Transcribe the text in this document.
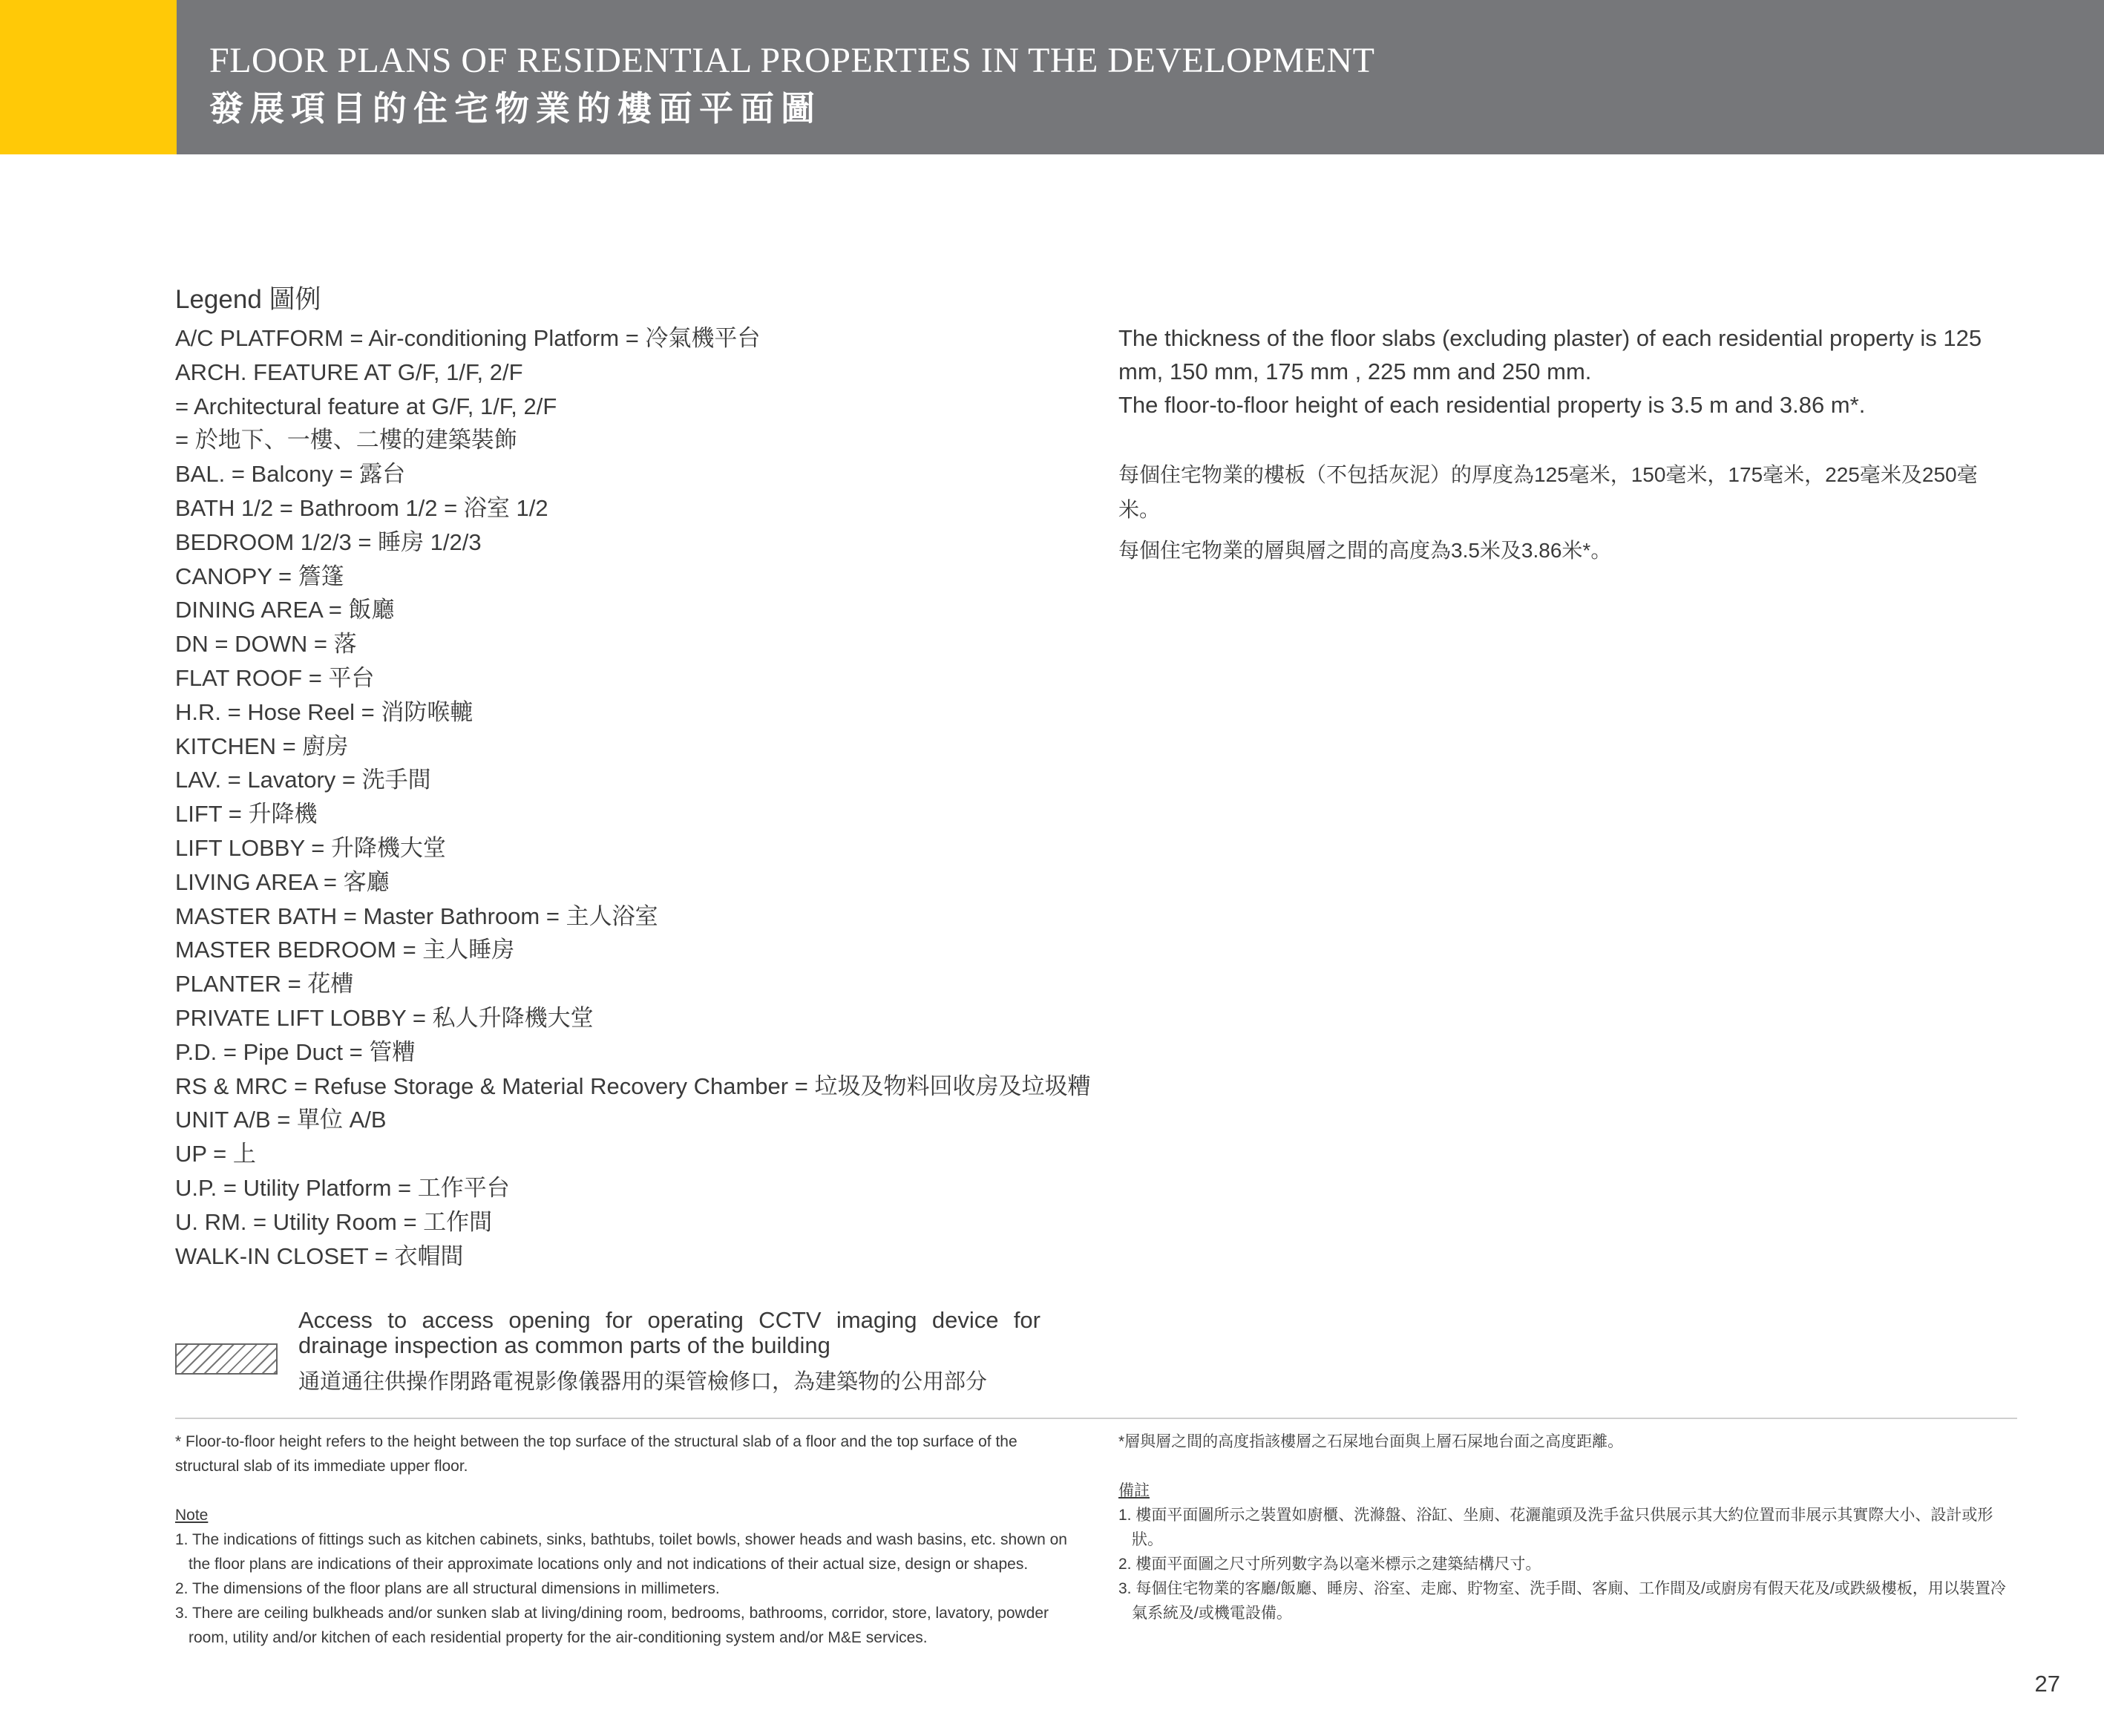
FLOOR PLANS OF RESIDENTIAL PROPERTIES IN THE DEVELOPMENT
發展項目的住宅物業的樓面平面圖
Legend 圖例
A/C PLATFORM = Air-conditioning Platform = 冷氣機平台
ARCH. FEATURE AT G/F, 1/F, 2/F
= Architectural feature at G/F, 1/F, 2/F
= 於地下、一樓、二樓的建築裝飾
BAL. = Balcony = 露台
BATH 1/2 = Bathroom 1/2 = 浴室 1/2
BEDROOM 1/2/3 = 睡房 1/2/3
CANOPY = 簷篷
DINING AREA = 飯廳
DN = DOWN = 落
FLAT ROOF = 平台
H.R. = Hose Reel = 消防喉轆
KITCHEN = 廚房
LAV. = Lavatory = 洗手間
LIFT = 升降機
LIFT LOBBY = 升降機大堂
LIVING AREA = 客廳
MASTER BATH = Master Bathroom = 主人浴室
MASTER BEDROOM = 主人睡房
PLANTER = 花槽
PRIVATE LIFT LOBBY = 私人升降機大堂
P.D. = Pipe Duct = 管糟
RS & MRC = Refuse Storage & Material Recovery Chamber = 垃圾及物料回收房及垃圾糟
UNIT A/B = 單位 A/B
UP = 上
U.P. = Utility Platform = 工作平台
U. RM. = Utility Room = 工作間
WALK-IN CLOSET = 衣帽間

The thickness of the floor slabs (excluding plaster) of each residential property is 125 mm, 150 mm, 175 mm , 225 mm and 250 mm.

The floor-to-floor height of each residential property is 3.5 m and 3.86 m*.

每個住宅物業的樓板（不包括灰泥）的厚度為125毫米，150毫米，175毫米，225毫米及250毫米。

每個住宅物業的層與層之間的高度為3.5米及3.86米*。

Access to access opening for operating CCTV imaging device for drainage inspection as common parts of the building
通道通往供操作閉路電視影像儀器用的渠管檢修口，為建築物的公用部分

* Floor-to-floor height refers to the height between the top surface of the structural slab of a floor and the top surface of the structural slab of its immediate upper floor.

Note

1. The indications of fittings such as kitchen cabinets, sinks, bathtubs, toilet bowls, shower heads and wash basins, etc. shown on the floor plans are indications of their approximate locations only and not indications of their actual size, design or shapes.

2. The dimensions of the floor plans are all structural dimensions in millimeters.

3. There are ceiling bulkheads and/or sunken slab at living/dining room, bedrooms, bathrooms, corridor, store, lavatory, powder room, utility and/or kitchen of each residential property for the air-conditioning system and/or M&E services.

*層與層之間的高度指該樓層之石屎地台面與上層石屎地台面之高度距離。

備註

1. 樓面平面圖所示之裝置如廚櫃、洗滌盤、浴缸、坐廁、花灑龍頭及洗手盆只供展示其大約位置而非展示其實際大小、設計或形狀。

2. 樓面平面圖之尺寸所列數字為以毫米標示之建築結構尺寸。

3. 每個住宅物業的客廳/飯廳、睡房、浴室、走廊、貯物室、洗手間、客廁、工作間及/或廚房有假天花及/或跌級樓板，用以裝置冷氣系統及/或機電設備。

27
